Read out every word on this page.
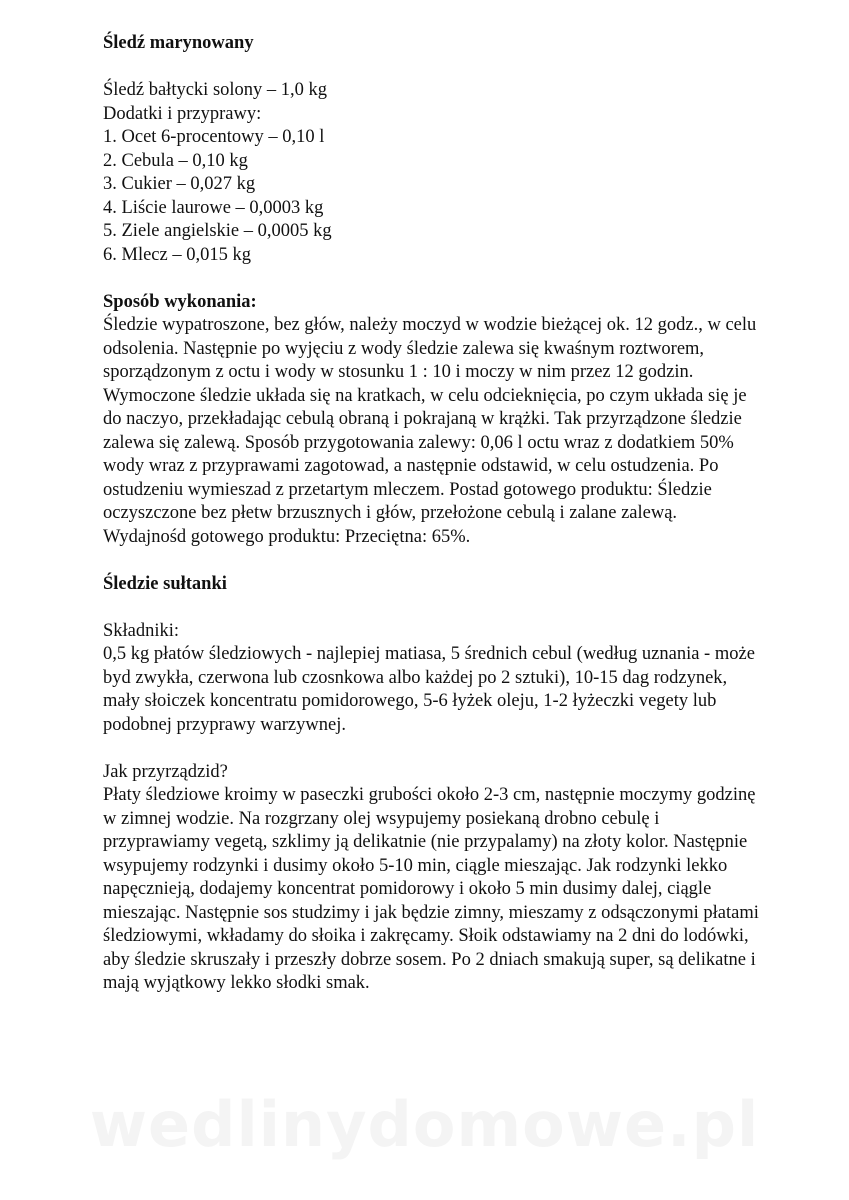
Śledź marynowany

Śledź bałtycki solony – 1,0 kg

Dodatki i przyprawy:

1. Ocet 6-procentowy – 0,10 l

2. Cebula – 0,10 kg

3. Cukier – 0,027 kg

4. Liście laurowe – 0,0003 kg

5. Ziele angielskie – 0,0005 kg

6. Mlecz – 0,015 kg

Sposób wykonania:

Śledzie wypatroszone, bez głów, należy moczyd w wodzie bieżącej ok. 12 godz., w celu odsolenia. Następnie po wyjęciu z wody śledzie zalewa się kwaśnym roztworem, sporządzonym z octu i wody w stosunku 1 : 10 i moczy w nim przez 12 godzin. Wymoczone śledzie układa się na kratkach, w celu odcieknięcia, po czym układa się je do naczyo, przekładając cebulą obraną i pokrajaną w krążki. Tak przyrządzone śledzie zalewa się zalewą. Sposób przygotowania zalewy: 0,06 l octu wraz z dodatkiem 50% wody wraz z przyprawami zagotowad, a następnie odstawid, w celu ostudzenia. Po ostudzeniu wymieszad z przetartym mleczem. Postad gotowego produktu: Śledzie oczyszczone bez płetw brzusznych i głów, przełożone cebulą i zalane zalewą. Wydajnośd gotowego produktu: Przeciętna: 65%.

Śledzie sułtanki

Składniki:

0,5 kg płatów śledziowych - najlepiej matiasa, 5 średnich cebul (według uznania - może byd zwykła, czerwona lub czosnkowa albo każdej po 2 sztuki), 10-15 dag rodzynek, mały słoiczek koncentratu pomidorowego, 5-6 łyżek oleju, 1-2 łyżeczki vegety lub podobnej przyprawy warzywnej.

Jak przyrządzid?

Płaty śledziowe kroimy w paseczki grubości około 2-3 cm, następnie moczymy godzinę w zimnej wodzie. Na rozgrzany olej wsypujemy posiekaną drobno cebulę i przyprawiamy vegetą, szklimy ją delikatnie (nie przypalamy) na złoty kolor. Następnie wsypujemy rodzynki i dusimy około 5-10 min, ciągle mieszając. Jak rodzynki lekko napęcznieją, dodajemy koncentrat pomidorowy i około 5 min dusimy dalej, ciągle mieszając. Następnie sos studzimy i jak będzie zimny, mieszamy z odsączonymi płatami śledziowymi, wkładamy do słoika i zakręcamy. Słoik odstawiamy na 2 dni do lodówki, aby śledzie skruszały i przeszły dobrze sosem. Po 2 dniach smakują super, są delikatne i mają wyjątkowy lekko słodki smak.

wedlinydomowe.pl
